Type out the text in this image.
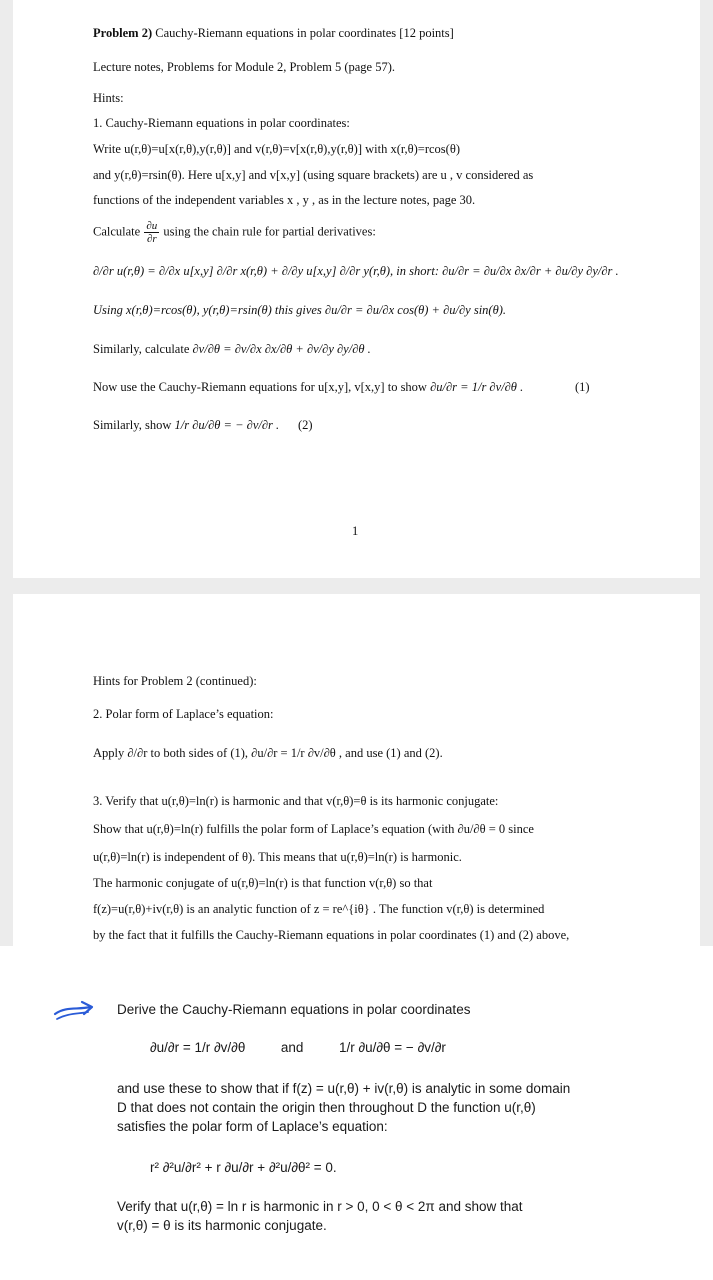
Problem 2) Cauchy-Riemann equations in polar coordinates [12 points]
Lecture notes, Problems for Module 2, Problem 5 (page 57).
Hints:
1. Cauchy-Riemann equations in polar coordinates:
Write u(r,θ)=u[x(r,θ),y(r,θ)] and v(r,θ)=v[x(r,θ),y(r,θ)] with x(r,θ)=rcos(θ)
and y(r,θ)=rsin(θ). Here u[x,y] and v[x,y] (using square brackets) are u , v considered as
functions of the independent variables x , y , as in the lecture notes, page 30.
Calculate $\frac{\partial u}{\partial r}$ using the chain rule for partial derivatives:
∂/∂r u(r,θ) = ∂/∂x u[x,y] ∂/∂r x(r,θ) + ∂/∂y u[x,y] ∂/∂r y(r,θ), in short: ∂u/∂r = ∂u/∂x ∂x/∂r + ∂u/∂y ∂y/∂r .
Using x(r,θ)=rcos(θ), y(r,θ)=rsin(θ) this gives ∂u/∂r = ∂u/∂x cos(θ) + ∂u/∂y sin(θ).
Similarly, calculate ∂v/∂θ = ∂v/∂x ∂x/∂θ + ∂v/∂y ∂y/∂θ .
Now use the Cauchy-Riemann equations for u[x,y], v[x,y] to show ∂u/∂r = 1/r ∂v/∂θ .	(1)
Similarly, show 1/r ∂u/∂θ = − ∂v/∂r . (2)
1
Hints for Problem 2 (continued):
2. Polar form of Laplace’s equation:
Apply ∂/∂r to both sides of (1), ∂u/∂r = 1/r ∂v/∂θ , and use (1) and (2).
3. Verify that u(r,θ)=ln(r) is harmonic and that v(r,θ)=θ is its harmonic conjugate:
Show that u(r,θ)=ln(r) fulfills the polar form of Laplace’s equation (with ∂u/∂θ = 0 since
u(r,θ)=ln(r) is independent of θ). This means that u(r,θ)=ln(r) is harmonic.
The harmonic conjugate of u(r,θ)=ln(r) is that function v(r,θ) so that
f(z)=u(r,θ)+iv(r,θ) is an analytic function of z = re^{iθ} . The function v(r,θ) is determined
by the fact that it fulfills the Cauchy-Riemann equations in polar coordinates (1) and (2) above,
Derive the Cauchy-Riemann equations in polar coordinates
∂u/∂r = 1/r ∂v/∂θ	and	1/r ∂u/∂θ = − ∂v/∂r
and use these to show that if f(z) = u(r,θ) + iv(r,θ) is analytic in some domain
D that does not contain the origin then throughout D the function u(r,θ)
satisfies the polar form of Laplace’s equation:
r² ∂²u/∂r² + r ∂u/∂r + ∂²u/∂θ² = 0.
Verify that u(r,θ) = ln r is harmonic in r > 0, 0 < θ < 2π and show that
v(r,θ) = θ is its harmonic conjugate.
